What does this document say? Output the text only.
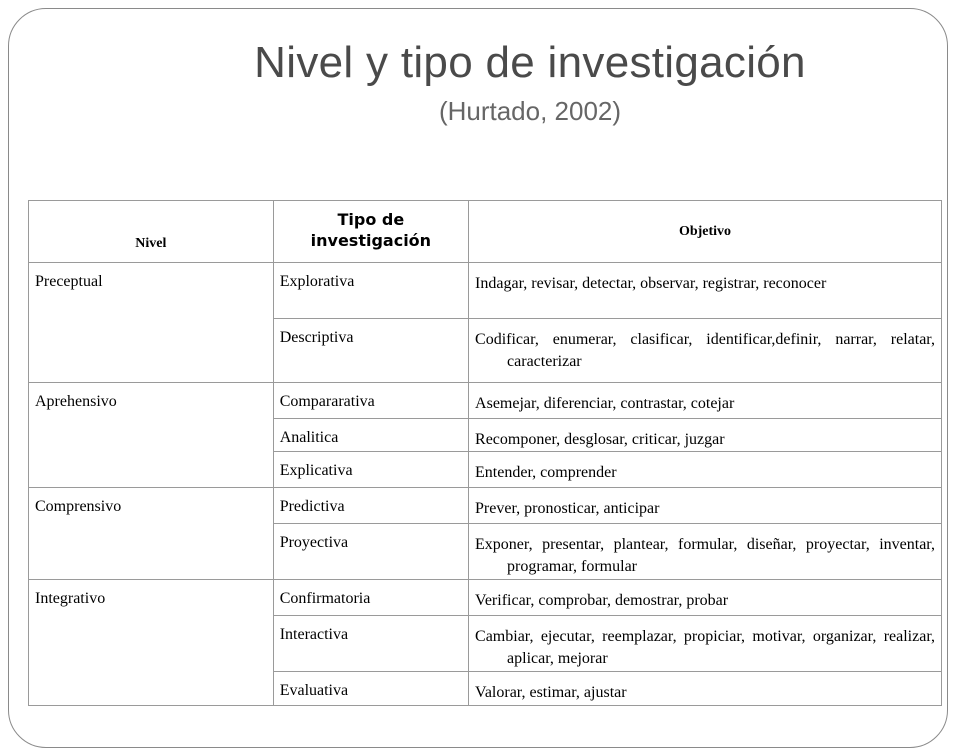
Nivel y tipo de investigación
(Hurtado, 2002)
Nivel	Tipo de investigación	Objetivo
Preceptual	Explorativa	Indagar, revisar, detectar, observar, registrar, reconocer

	Descriptiva	Codificar, enumerar, clasificar, identificar,definir, narrar, relatar, caracterizar

Aprehensivo	Compararativa	Asemejar, diferenciar, contrastar, cotejar

	Analitica	Recomponer, desglosar, criticar, juzgar

	Explicativa	Entender, comprender

Comprensivo	Predictiva	Prever, pronosticar, anticipar

	Proyectiva	Exponer, presentar, plantear, formular, diseñar, proyectar, inventar, programar, formular

Integrativo	Confirmatoria	Verificar, comprobar, demostrar, probar

	Interactiva	Cambiar, ejecutar, reemplazar, propiciar, motivar, organizar, realizar, aplicar, mejorar

	Evaluativa	Valorar, estimar, ajustar
